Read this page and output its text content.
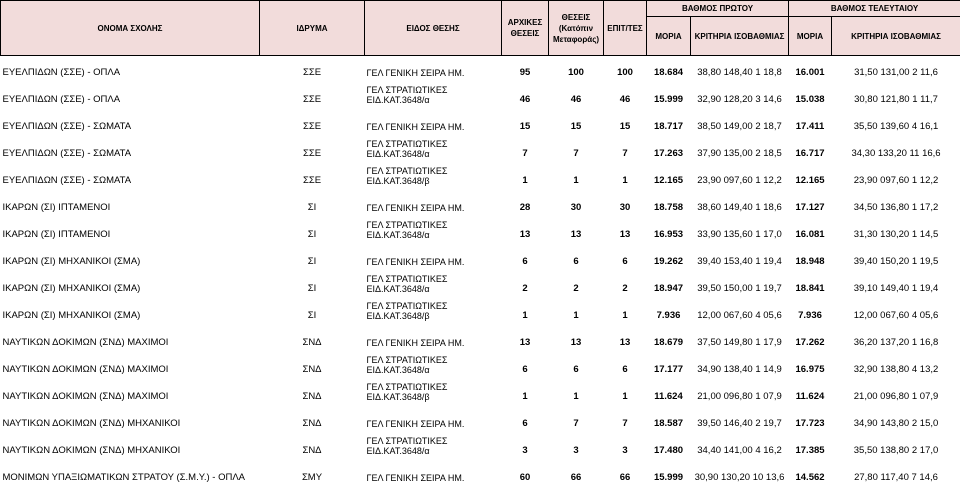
ΟΝΟΜΑ ΣΧΟΛΗΣ	ΙΔΡΥΜΑ	ΕΙΔΟΣ ΘΕΣΗΣ	ΑΡΧΙΚΕΣ ΘΕΣΕΙΣ	ΘΕΣΕΙΣ (Κατόπιν Μεταφοράς)	ΕΠΙΤ/ΤΕΣ	ΒΑΘΜΟΣ ΠΡΩΤΟΥ		ΒΑΘΜΟΣ ΤΕΛΕΥΤΑΙΟΥ	
						ΜΟΡΙΑ	ΚΡΙΤΗΡΙΑ ΙΣΟΒΑΘΜΙΑΣ	ΜΟΡΙΑ	ΚΡΙΤΗΡΙΑ ΙΣΟΒΑΘΜΙΑΣ

ΕΥΕΛΠΙΔΩΝ (ΣΣΕ) - ΟΠΛΑ	ΣΣΕ	ΓΕΛ ΓΕΝΙΚΗ ΣΕΙΡΑ ΗΜ.	95	100	100	18.684	38,80 148,40 1 18,8	16.001	31,50 131,00 2 11,6
ΕΥΕΛΠΙΔΩΝ (ΣΣΕ) - ΟΠΛΑ	ΣΣΕ	ΓΕΛ ΣΤΡΑΤΙΩΤΙΚΕΣ
ΕΙΔ.ΚΑΤ.3648/α	46	46	46	15.999	32,90 128,20 3 14,6	15.038	30,80 121,80 1 11,7
ΕΥΕΛΠΙΔΩΝ (ΣΣΕ) - ΣΩΜΑΤΑ	ΣΣΕ	ΓΕΛ ΓΕΝΙΚΗ ΣΕΙΡΑ ΗΜ.	15	15	15	18.717	38,50 149,00 2 18,7	17.411	35,50 139,60 4 16,1
ΕΥΕΛΠΙΔΩΝ (ΣΣΕ) - ΣΩΜΑΤΑ	ΣΣΕ	ΓΕΛ ΣΤΡΑΤΙΩΤΙΚΕΣ
ΕΙΔ.ΚΑΤ.3648/α	7	7	7	17.263	37,90 135,00 2 18,5	16.717	34,30 133,20 11 16,6
ΕΥΕΛΠΙΔΩΝ (ΣΣΕ) - ΣΩΜΑΤΑ	ΣΣΕ	ΓΕΛ ΣΤΡΑΤΙΩΤΙΚΕΣ
ΕΙΔ.ΚΑΤ.3648/β	1	1	1	12.165	23,90 097,60 1 12,2	12.165	23,90 097,60 1 12,2
ΙΚΑΡΩΝ (ΣΙ) ΙΠΤΑΜΕΝΟΙ	ΣΙ	ΓΕΛ ΓΕΝΙΚΗ ΣΕΙΡΑ ΗΜ.	28	30	30	18.758	38,60 149,40 1 18,6	17.127	34,50 136,80 1 17,2
ΙΚΑΡΩΝ (ΣΙ) ΙΠΤΑΜΕΝΟΙ	ΣΙ	ΓΕΛ ΣΤΡΑΤΙΩΤΙΚΕΣ
ΕΙΔ.ΚΑΤ.3648/α	13	13	13	16.953	33,90 135,60 1 17,0	16.081	31,30 130,20 1 14,5
ΙΚΑΡΩΝ (ΣΙ) ΜΗΧΑΝΙΚΟΙ (ΣΜΑ)	ΣΙ	ΓΕΛ ΓΕΝΙΚΗ ΣΕΙΡΑ ΗΜ.	6	6	6	19.262	39,40 153,40 1 19,4	18.948	39,40 150,20 1 19,5
ΙΚΑΡΩΝ (ΣΙ) ΜΗΧΑΝΙΚΟΙ (ΣΜΑ)	ΣΙ	ΓΕΛ ΣΤΡΑΤΙΩΤΙΚΕΣ
ΕΙΔ.ΚΑΤ.3648/α	2	2	2	18.947	39,50 150,00 1 19,7	18.841	39,10 149,40 1 19,4
ΙΚΑΡΩΝ (ΣΙ) ΜΗΧΑΝΙΚΟΙ (ΣΜΑ)	ΣΙ	ΓΕΛ ΣΤΡΑΤΙΩΤΙΚΕΣ
ΕΙΔ.ΚΑΤ.3648/β	1	1	1	7.936	12,00 067,60 4 05,6	7.936	12,00 067,60 4 05,6
ΝΑΥΤΙΚΩΝ ΔΟΚΙΜΩΝ (ΣΝΔ) ΜΑΧΙΜΟΙ	ΣΝΔ	ΓΕΛ ΓΕΝΙΚΗ ΣΕΙΡΑ ΗΜ.	13	13	13	18.679	37,50 149,80 1 17,9	17.262	36,20 137,20 1 16,8
ΝΑΥΤΙΚΩΝ ΔΟΚΙΜΩΝ (ΣΝΔ) ΜΑΧΙΜΟΙ	ΣΝΔ	ΓΕΛ ΣΤΡΑΤΙΩΤΙΚΕΣ
ΕΙΔ.ΚΑΤ.3648/α	6	6	6	17.177	34,90 138,40 1 14,9	16.975	32,90 138,80 4 13,2
ΝΑΥΤΙΚΩΝ ΔΟΚΙΜΩΝ (ΣΝΔ) ΜΑΧΙΜΟΙ	ΣΝΔ	ΓΕΛ ΣΤΡΑΤΙΩΤΙΚΕΣ
ΕΙΔ.ΚΑΤ.3648/β	1	1	1	11.624	21,00 096,80 1 07,9	11.624	21,00 096,80 1 07,9
ΝΑΥΤΙΚΩΝ ΔΟΚΙΜΩΝ (ΣΝΔ) ΜΗΧΑΝΙΚΟΙ	ΣΝΔ	ΓΕΛ ΓΕΝΙΚΗ ΣΕΙΡΑ ΗΜ.	6	7	7	18.587	39,50 146,40 2 19,7	17.723	34,90 143,80 2 15,0
ΝΑΥΤΙΚΩΝ ΔΟΚΙΜΩΝ (ΣΝΔ) ΜΗΧΑΝΙΚΟΙ	ΣΝΔ	ΓΕΛ ΣΤΡΑΤΙΩΤΙΚΕΣ
ΕΙΔ.ΚΑΤ.3648/α	3	3	3	17.480	34,40 141,00 4 16,2	17.385	35,50 138,80 2 17,0
ΜΟΝΙΜΩΝ ΥΠΑΞΙΩΜΑΤΙΚΩΝ ΣΤΡΑΤΟΥ (Σ.Μ.Υ.) - ΟΠΛΑ	ΣΜΥ	ΓΕΛ ΓΕΝΙΚΗ ΣΕΙΡΑ ΗΜ.	60	66	66	15.999	30,90 130,20 10 13,6	14.562	27,80 117,40 7 14,6
